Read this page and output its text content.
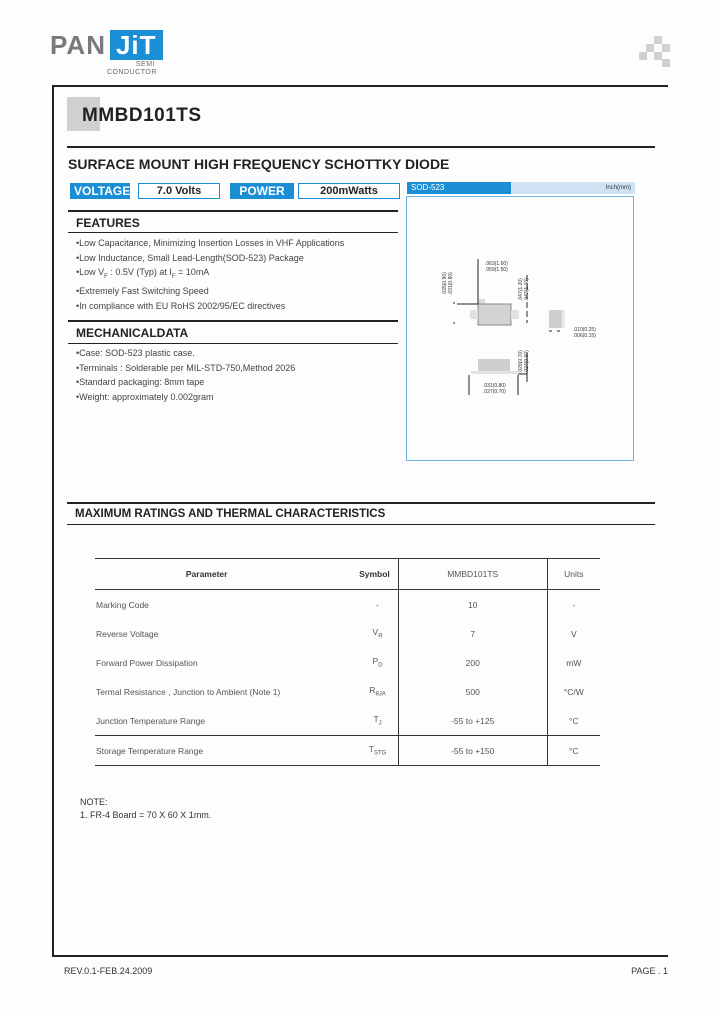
PAN JiT
SEMI
CONDUCTOR
MMBD101TS
SURFACE MOUNT HIGH FREQUENCY SCHOTTKY DIODE
VOLTAGE	7.0 Volts	POWER	200mWatts
FEATURES
• Low Capacitance, Minimizing Insertion Losses in VHF Applications
• Low Inductance, Small Lead-Length(SOD-523) Package
• Low $V_F$ : 0.5V (Typ) at $I_F = 10mA$
• Extremely Fast Switching Speed
• In compliance with EU RoHS 2002/95/EC directives
MECHANICALDATA
• Case: SOD-523 plastic case.
• Terminals : Solderable per MIL-STD-750,Method 2026
• Standard packaging: 8mm tape
• Weight: approximately 0.002gram
SOD-523	Inch(mm)
.063(1.60)
.059(1.50)
.035(0.90) .031(0.80)	.047(1.20) .043(1.10)
.010(0.25)
.006(0.15)
.028(0.70) .024(0.60)
.031(0.80)
.027(0.70)
MAXIMUM RATINGS AND THERMAL CHARACTERISTICS
Parameter	Symbol	MMBD101TS	Units
Marking Code	-	10	-
Reverse Voltage	$V_R$	7	V
Forward Power Dissipation	$P_D$	200	mW
Termal Resistance , Junction to Ambient (Note 1)	$R_{\theta JA}$	500	°C/W
Junction Temperature Range	$T_J$	-55 to +125	°C
Storage Temperature Range	$T_{STG}$	-55 to +150	°C
NOTE:
1. FR-4 Board = 70 X 60 X 1mm.
REV.0.1-FEB.24.2009	PAGE . 1
